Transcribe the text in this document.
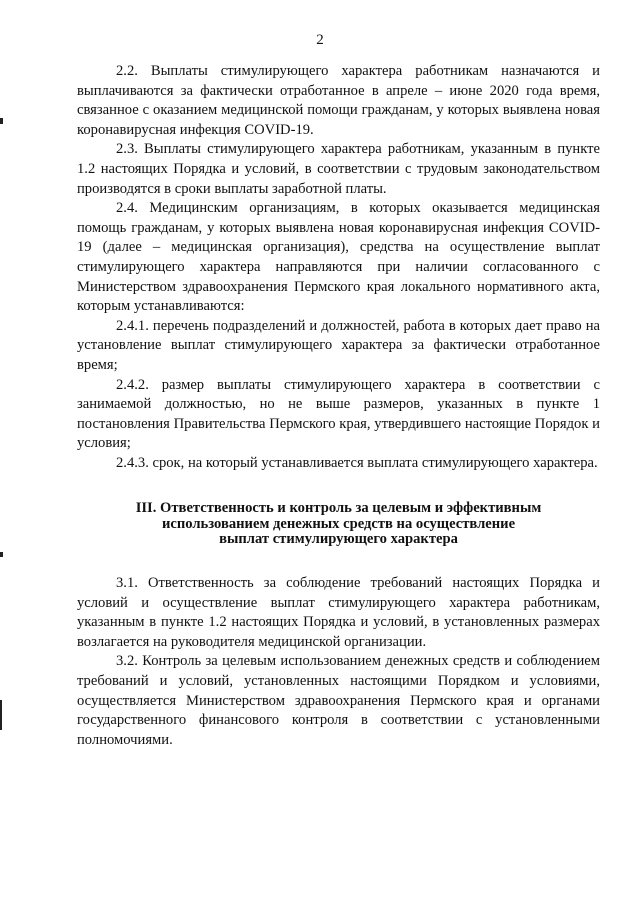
2

2.2. Выплаты стимулирующего характера работникам назначаются и выплачиваются за фактически отработанное в апреле – июне 2020 года время, связанное с оказанием медицинской помощи гражданам, у которых выявлена новая коронавирусная инфекция COVID-19.

2.3. Выплаты стимулирующего характера работникам, указанным в пункте 1.2 настоящих Порядка и условий, в соответствии с трудовым законодательством производятся в сроки выплаты заработной платы.

2.4. Медицинским организациям, в которых оказывается медицинская помощь гражданам, у которых выявлена новая коронавирусная инфекция COVID-19 (далее – медицинская организация), средства на осуществление выплат стимулирующего характера направляются при наличии согласованного с Министерством здравоохранения Пермского края локального нормативного акта, которым устанавливаются:

2.4.1. перечень подразделений и должностей, работа в которых дает право на установление выплат стимулирующего характера за фактически отработанное время;

2.4.2. размер выплаты стимулирующего характера в соответствии с занимаемой должностью, но не выше размеров, указанных в пункте 1 постановления Правительства Пермского края, утвердившего настоящие Порядок и условия;

2.4.3. срок, на который устанавливается выплата стимулирующего характера.

III. Ответственность и контроль за целевым и эффективным
использованием денежных средств на осуществление
выплат стимулирующего характера

3.1. Ответственность за соблюдение требований настоящих Порядка и условий и осуществление выплат стимулирующего характера работникам, указанным в пункте 1.2 настоящих Порядка и условий, в установленных размерах возлагается на руководителя медицинской организации.

3.2. Контроль за целевым использованием денежных средств и соблюдением требований и условий, установленных настоящими Порядком и условиями, осуществляется Министерством здравоохранения Пермского края и органами государственного финансового контроля в соответствии с установленными полномочиями.
